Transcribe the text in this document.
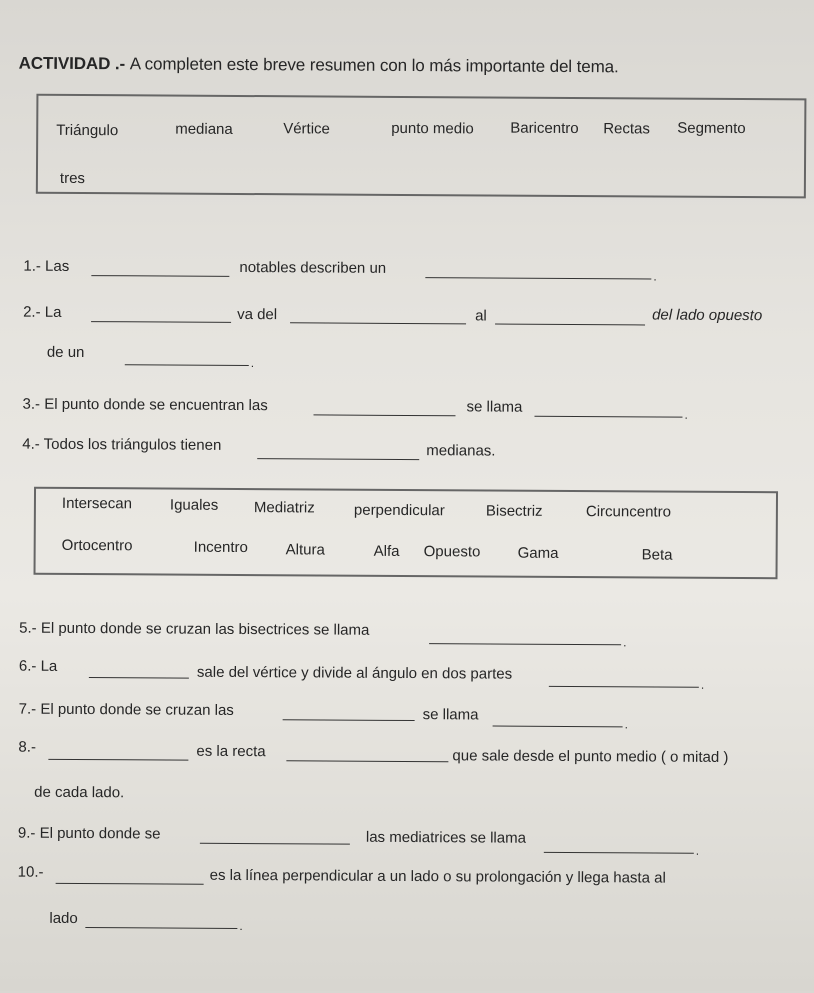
ACTIVIDAD .- A completen este breve resumen con lo más importante del tema.
Triángulo	mediana	Vértice	punto medio Baricentro Rectas Segmento
tres
1.- Las	notables describen un	.
2.- La	va del	al	del lado opuesto
de un
.
3.- El punto donde se encuentran las	se llama	.
4.- Todos los triángulos tienen	medianas.
Intersecan	Iguales Mediatriz	perpendicular	Bisectriz	Circuncentro
Ortocentro	Incentro	Altura	Alfa Opuesto Gama	Beta
5.- El punto donde se cruzan las bisectrices se llama
.
6.- La	sale del vértice y divide al ángulo en dos partes
.
7.- El punto donde se cruzan las	se llama
.
8.-	es la recta	que sale desde el punto medio ( o mitad )
de cada lado.
9.- El punto donde se	las mediatrices se llama
.
10.-	es la línea perpendicular a un lado o su prolongación y llega hasta al
lado	.
